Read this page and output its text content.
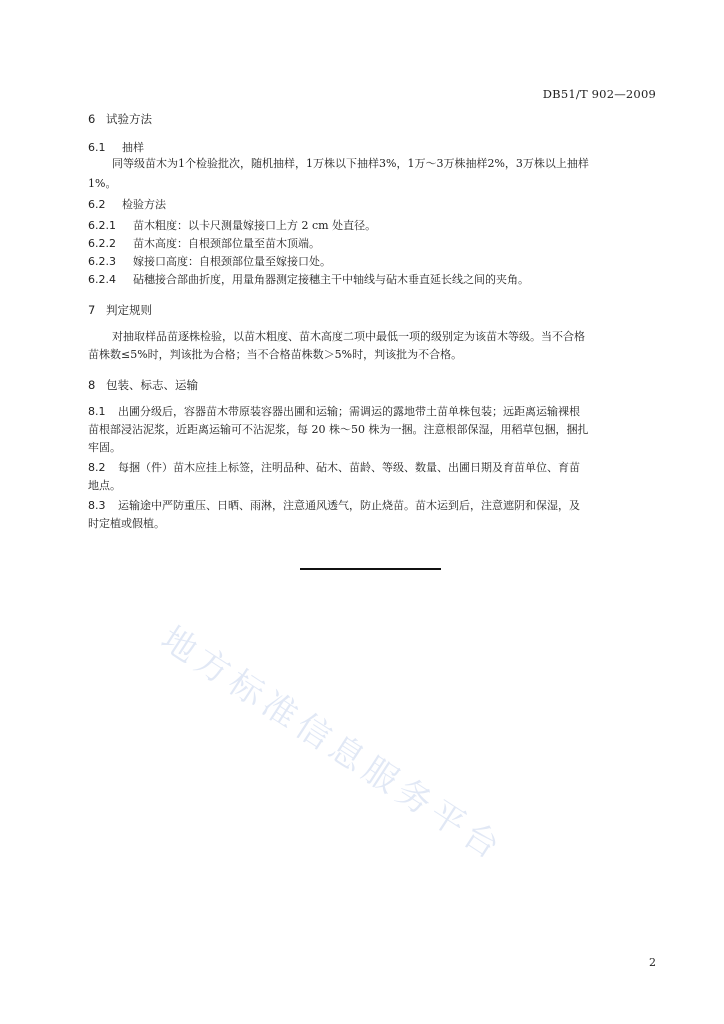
DB51/T 902—2009
6 试验方法
6.1 抽样
同等级苗木为1个检验批次，随机抽样，1万株以下抽样3%，1万～3万株抽样2%，3万株以上抽样
1%。
6.2 检验方法
6.2.1 苗木粗度：以卡尺测量嫁接口上方 2 cm 处直径。
6.2.2 苗木高度：自根颈部位量至苗木顶端。
6.2.3 嫁接口高度：自根颈部位量至嫁接口处。
6.2.4 砧穗接合部曲折度，用量角器测定接穗主干中轴线与砧木垂直延长线之间的夹角。
7 判定规则
对抽取样品苗逐株检验，以苗木粗度、苗木高度二项中最低一项的级别定为该苗木等级。当不合格
苗株数≤5%时，判该批为合格；当不合格苗株数＞5%时，判该批为不合格。
8 包装、标志、运输
8.1 出圃分级后，容器苗木带原装容器出圃和运输；需调运的露地带土苗单株包装；远距离运输裸根
苗根部浸沾泥浆，近距离运输可不沾泥浆，每 20 株～50 株为一捆。注意根部保湿，用稻草包捆，捆扎
牢固。
8.2 每捆（件）苗木应挂上标签，注明品种、砧木、苗龄、等级、数量、出圃日期及育苗单位、育苗
地点。
8.3 运输途中严防重压、日晒、雨淋，注意通风透气，防止烧苗。苗木运到后，注意遮阴和保湿，及
时定植或假植。
地方标准信息服务平台
2
